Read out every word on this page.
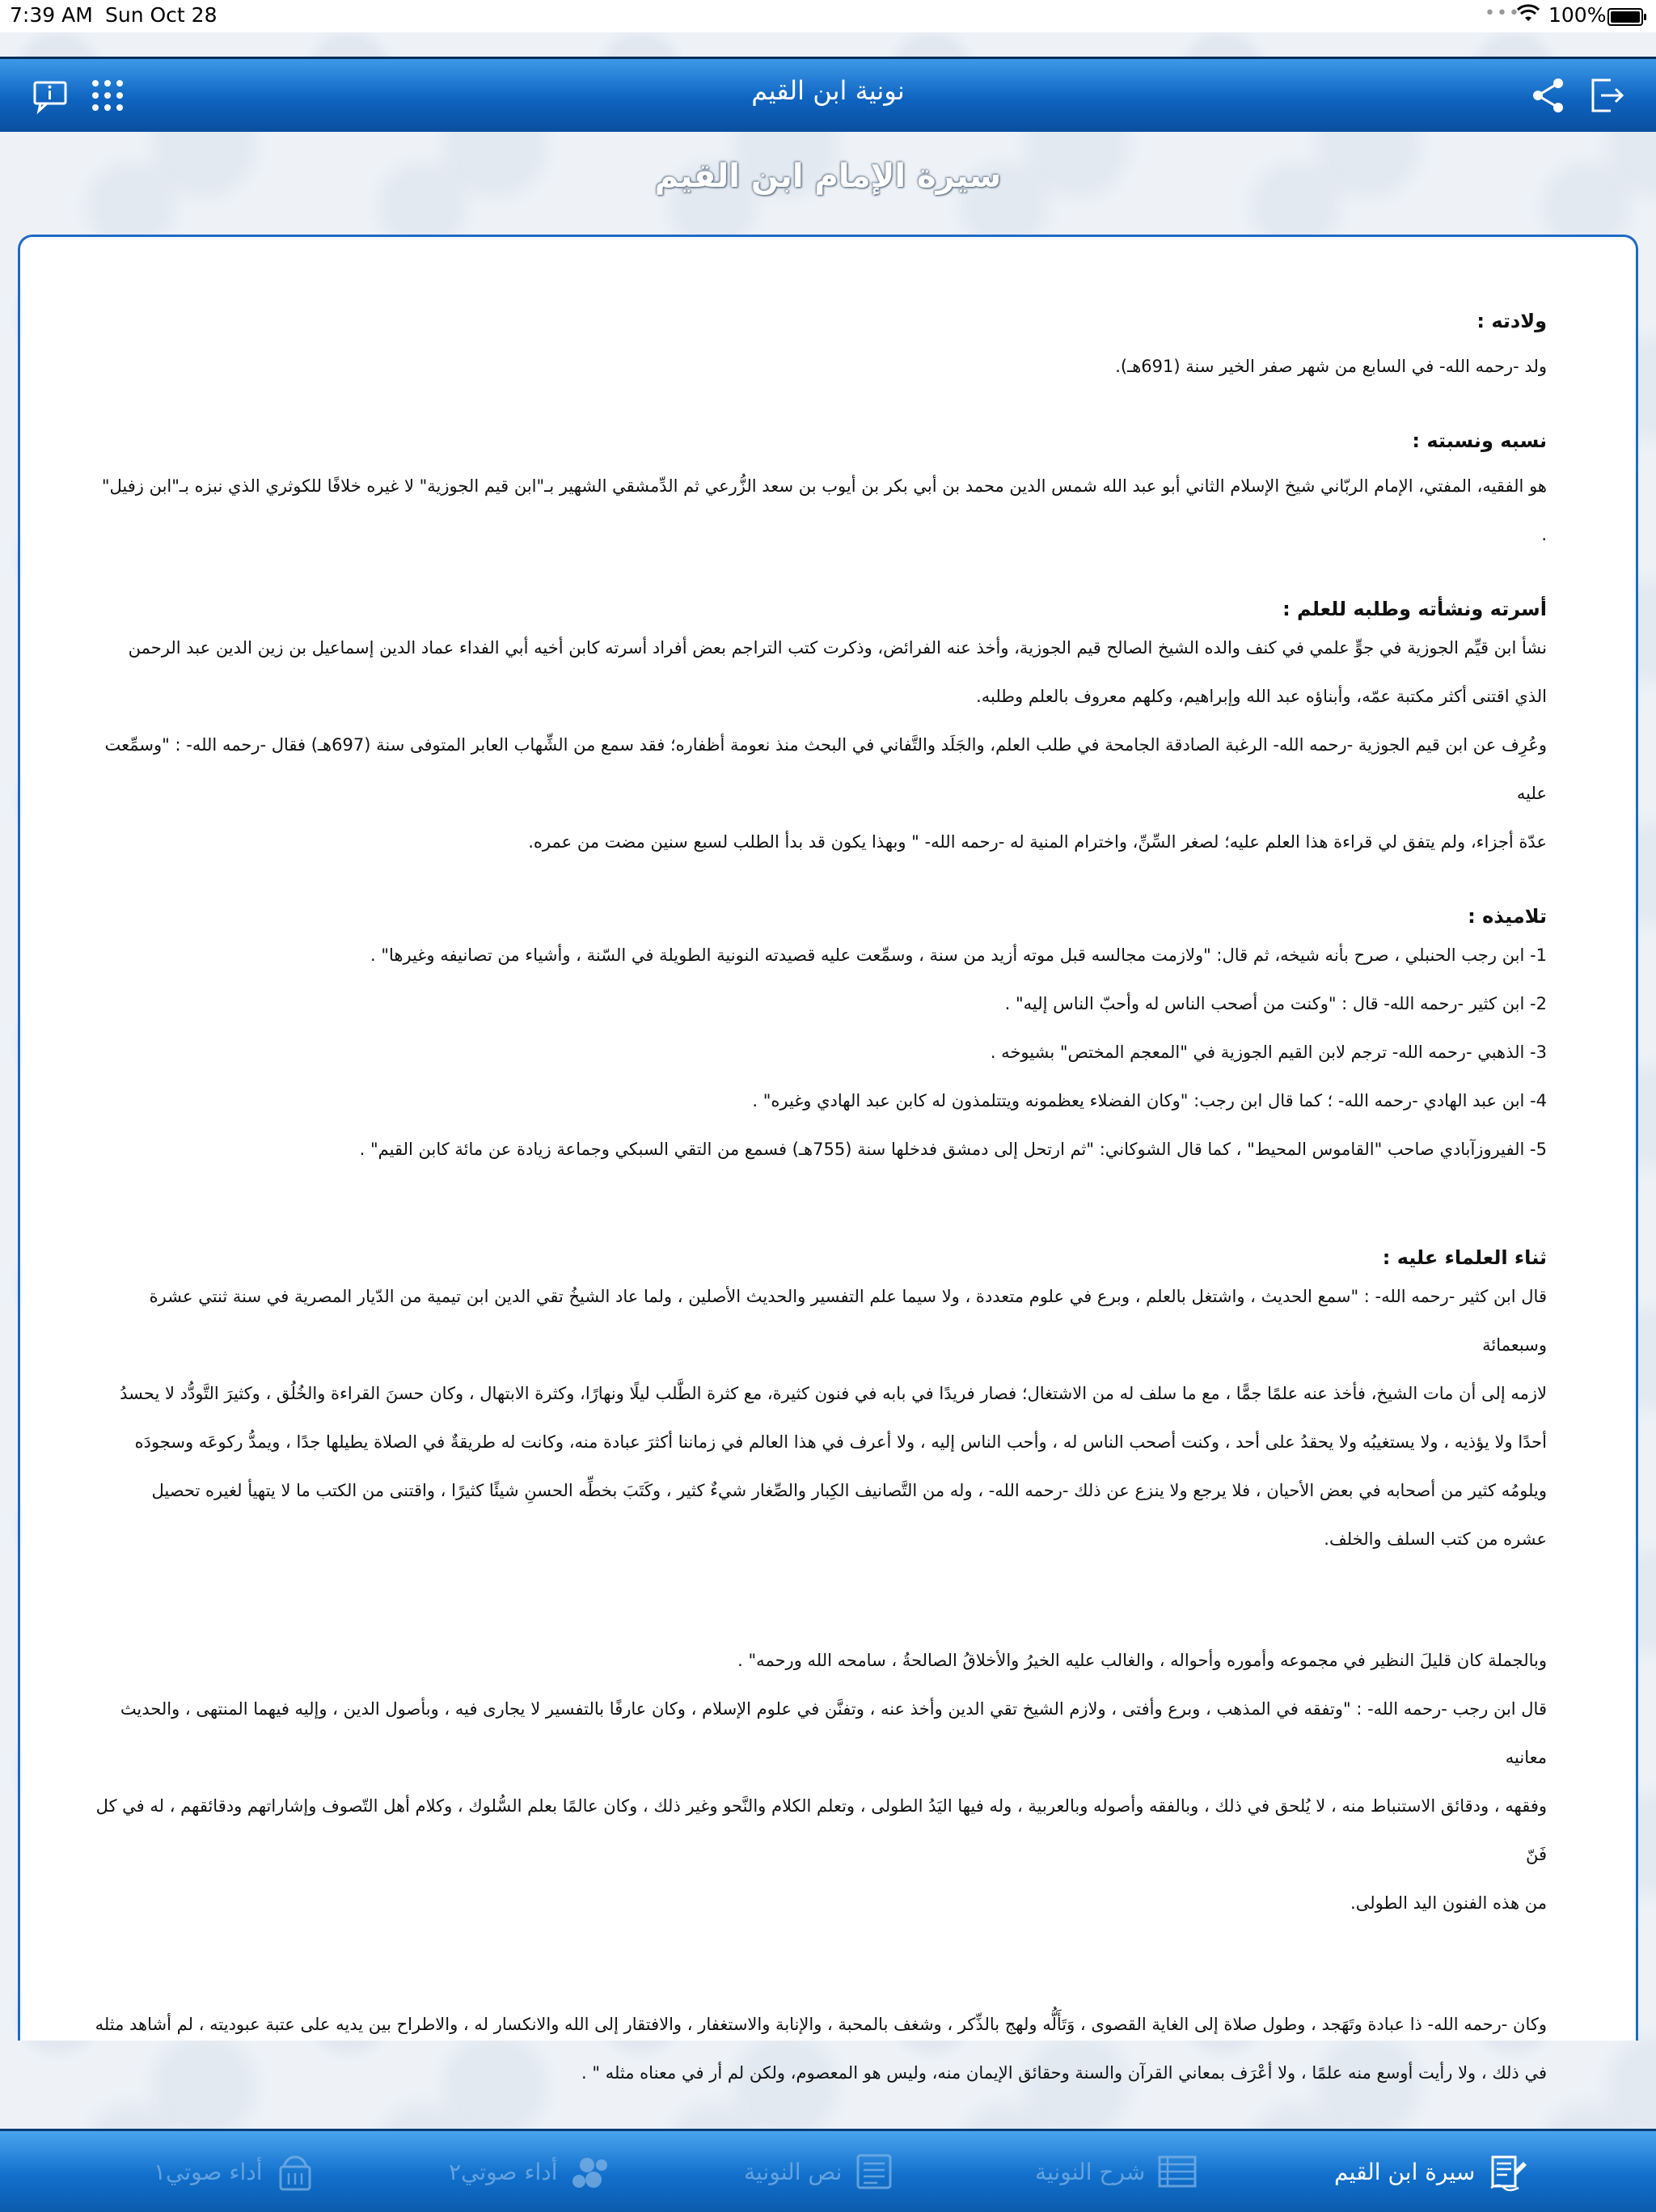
7:39 AM Sun Oct 28	••• 100%
نونية ابن القيم
سيرة الإمام ابن القيم

ولادته :

ولد -رحمه الله- في السابع من شهر صفر الخير سنة (691هـ).

نسبه ونسبته :

هو الفقيه، المفتي، الإمام الربّاني شيخ الإسلام الثاني أبو عبد الله شمس الدين محمد بن أبي بكر بن أيوب بن سعد الزُّرعي ثم الدِّمشقي الشهير بـ"ابن قيم الجوزية" لا غيره خلافًا للكوثري الذي نبزه بـ"ابن زفيل"

.

أسرته ونشأته وطلبه للعلم :

نشأ ابن قيِّم الجوزية في جوٍّ علمي في كنف والده الشيخ الصالح قيم الجوزية، وأخذ عنه الفرائض، وذكرت كتب التراجم بعض أفراد أسرته كابن أخيه أبي الفداء عماد الدين إسماعيل بن زين الدين عبد الرحمن

الذي اقتنى أكثر مكتبة عمّه، وأبناؤه عبد الله وإبراهيم، وكلهم معروف بالعلم وطلبه.

وعُرِف عن ابن قيم الجوزية -رحمه الله- الرغبة الصادقة الجامحة في طلب العلم، والجَلَد والتَّفاني في البحث منذ نعومة أظفاره؛ فقد سمع من الشِّهاب العابر المتوفى سنة (697هـ) فقال -رحمه الله- : "وسمِّعت عليه

عدّة أجزاء، ولم يتفق لي قراءة هذا العلم عليه؛ لصغر السِّنِّ، واخترام المنية له -رحمه الله- " وبهذا يكون قد بدأ الطلب لسبع سنين مضت من عمره.

تلاميذه :

1- ابن رجب الحنبلي ، صرح بأنه شيخه، ثم قال: "ولازمت مجالسه قبل موته أزيد من سنة ، وسمِّعت عليه قصيدته النونية الطويلة في السّنة ، وأشياء من تصانيفه وغيرها" .

2- ابن كثير -رحمه الله- قال : "وكنت من أصحب الناس له وأحبّ الناس إليه" .

3- الذهبي -رحمه الله- ترجم لابن القيم الجوزية في "المعجم المختص" بشيوخه .

4- ابن عبد الهادي -رحمه الله- ؛ كما قال ابن رجب: "وكان الفضلاء يعظمونه ويتتلمذون له كابن عبد الهادي وغيره" .

5- الفيروزآبادي صاحب "القاموس المحيط" ، كما قال الشوكاني: "ثم ارتحل إلى دمشق فدخلها سنة (755هـ) فسمع من التقي السبكي وجماعة زيادة عن مائة كابن القيم" .

ثناء العلماء عليه :

قال ابن كثير -رحمه الله- : "سمع الحديث ، واشتغل بالعلم ، وبرع في علوم متعددة ، ولا سيما علم التفسير والحديث الأصلين ، ولما عاد الشيخُ تقي الدين ابن تيمية من الدّيار المصرية في سنة ثنتي عشرة وسبعمائة

لازمه إلى أن مات الشيخ، فأخذ عنه علمًا جمًّا ، مع ما سلف له من الاشتغال؛ فصار فريدًا في بابه في فنون كثيرة، مع كثرة الطَّلب ليلًا ونهارًا، وكثرة الابتهال ، وكان حسنَ القراءة والخُلُق ، وكثيرَ التَّودُّد لا يحسدُ

أحدًا ولا يؤذيه ، ولا يستغيبُه ولا يحقدُ على أحد ، وكنت أصحب الناس له ، وأحب الناس إليه ، ولا أعرف في هذا العالم في زماننا أكثرَ عبادة منه، وكانت له طريقةٌ في الصلاة يطيلها جدًا ، ويمدُّ ركوعَه وسجودَه

ويلومُه كثير من أصحابه في بعض الأحيان ، فلا يرجع ولا ينزع عن ذلك -رحمه الله- ، وله من التَّصانيف الكِبار والصِّغار شيءٌ كثير ، وكَتَبَ بخطِّه الحسنِ شيئًا كثيرًا ، واقتنى من الكتب ما لا يتهيأ لغيره تحصيل

عشره من كتب السلف والخلف.

وبالجملة كان قليلَ النظير في مجموعه وأموره وأحواله ، والغالب عليه الخيرُ والأخلاقُ الصالحةُ ، سامحه الله ورحمه" .

قال ابن رجب -رحمه الله- : "وتفقه في المذهب ، وبرع وأفتى ، ولازم الشيخ تقي الدين وأخذ عنه ، وتفنَّن في علوم الإسلام ، وكان عارفًا بالتفسير لا يجارى فيه ، وبأصول الدين ، وإليه فيهما المنتهى ، والحديث معانيه

وفقهه ، ودقائق الاستنباط منه ، لا يُلحق في ذلك ، وبالفقه وأصوله وبالعربية ، وله فيها اليَدُ الطولى ، وتعلم الكلام والنَّحو وغير ذلك ، وكان عالمًا بعلم السُّلوك ، وكلام أهل التّصوف وإشاراتهم ودقائقهم ، له في كل فَنّ

من هذه الفنون اليد الطولى.

وكان -رحمه الله- ذا عبادة وتَهَجد ، وطول صلاة إلى الغاية القصوى ، وَتَأَلُّه ولهج بالذِّكر ، وشغف بالمحبة ، والإنابة والاستغفار ، والافتقار إلى الله والانكسار له ، والاطراح بين يديه على عتبة عبوديته ، لم أشاهد مثله

في ذلك ، ولا رأيت أوسع منه علمًا ، ولا أعْرَف بمعاني القرآن والسنة وحقائق الإيمان منه، وليس هو المعصوم، ولكن لم أر في معناه مثله " .

سيرة ابن القيم
شرح النونية
نص النونية
أداء صوتي٢
أداء صوتي١
